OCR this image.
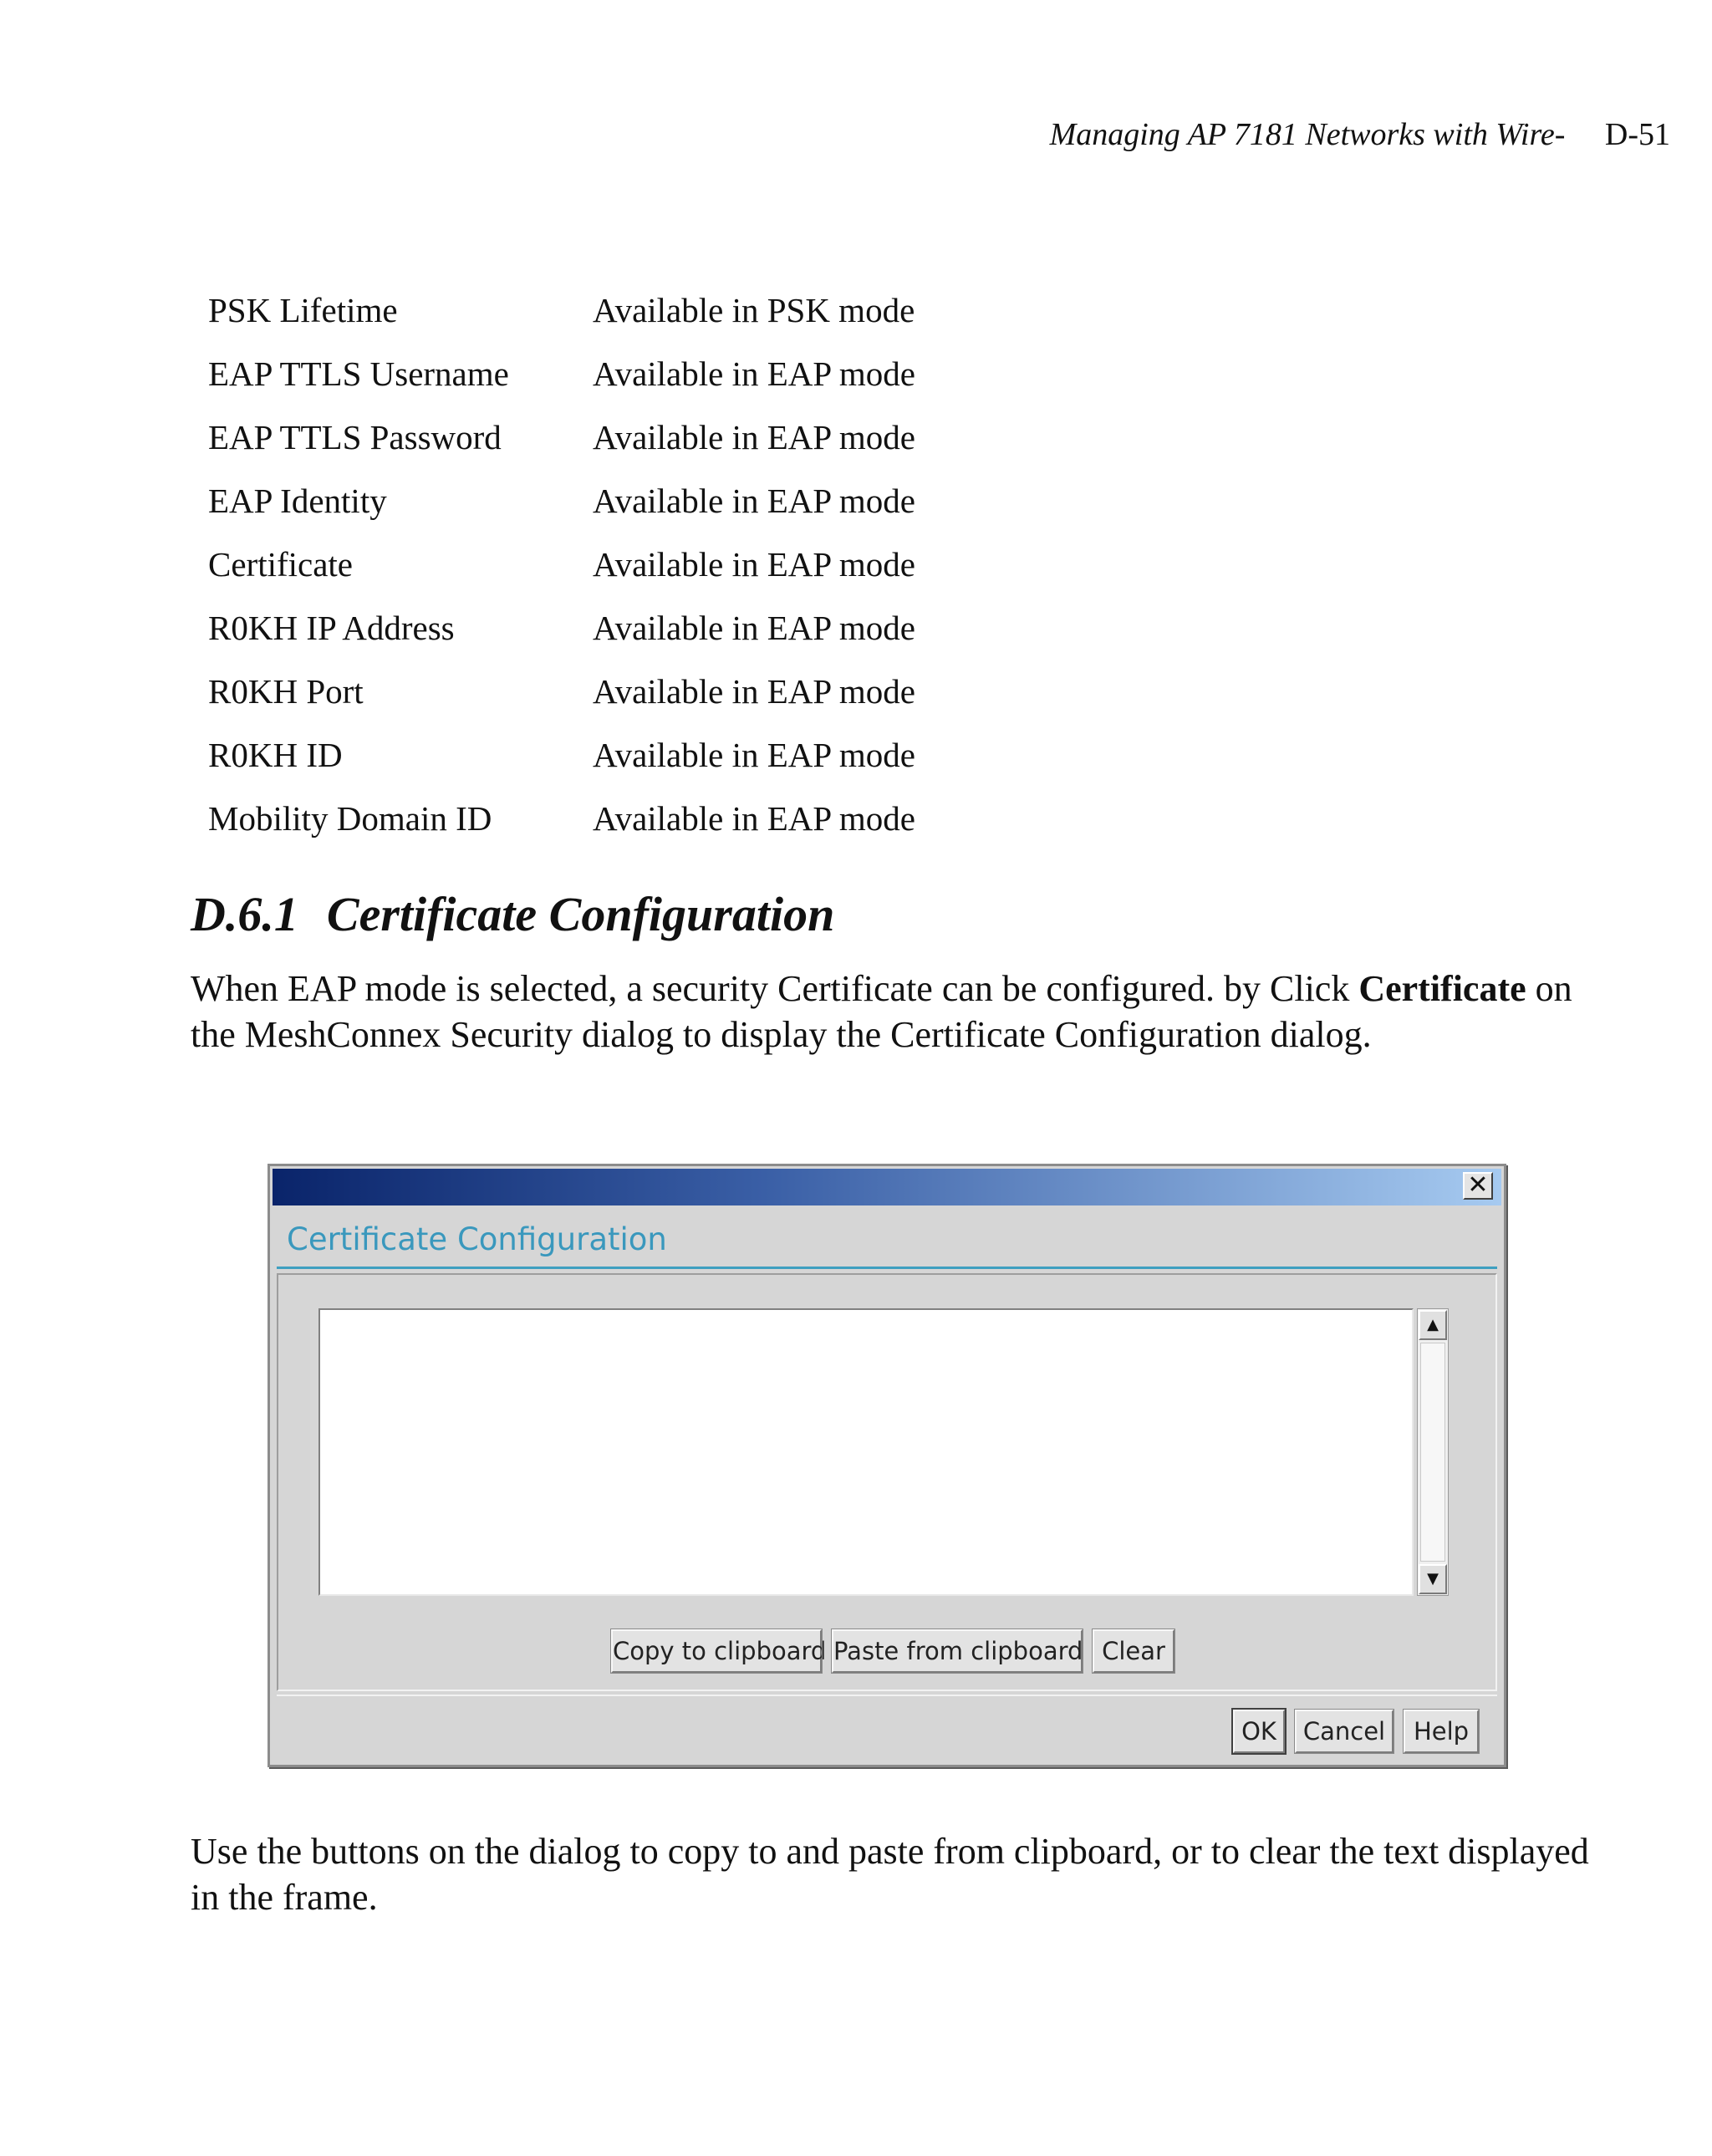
Managing AP 7181 Networks with Wire- D-51
PSK Lifetime	Available in PSK mode
EAP TTLS Username	Available in EAP mode
EAP TTLS Password	Available in EAP mode
EAP Identity	Available in EAP mode
Certificate	Available in EAP mode
R0KH IP Address	Available in EAP mode
R0KH Port	Available in EAP mode
R0KH ID	Available in EAP mode
Mobility Domain ID	Available in EAP mode
D.6.1 Certificate Configuration
When EAP mode is selected, a security Certificate can be configured. by Click Certificate on the MeshConnex Security dialog to display the Certificate Configuration dialog.
✕
Certificate Configuration
▲
▼
Copy to clipboard Paste from clipboard Clear
OK	Cancel	Help
Use the buttons on the dialog to copy to and paste from clipboard, or to clear the text displayed in the frame.
